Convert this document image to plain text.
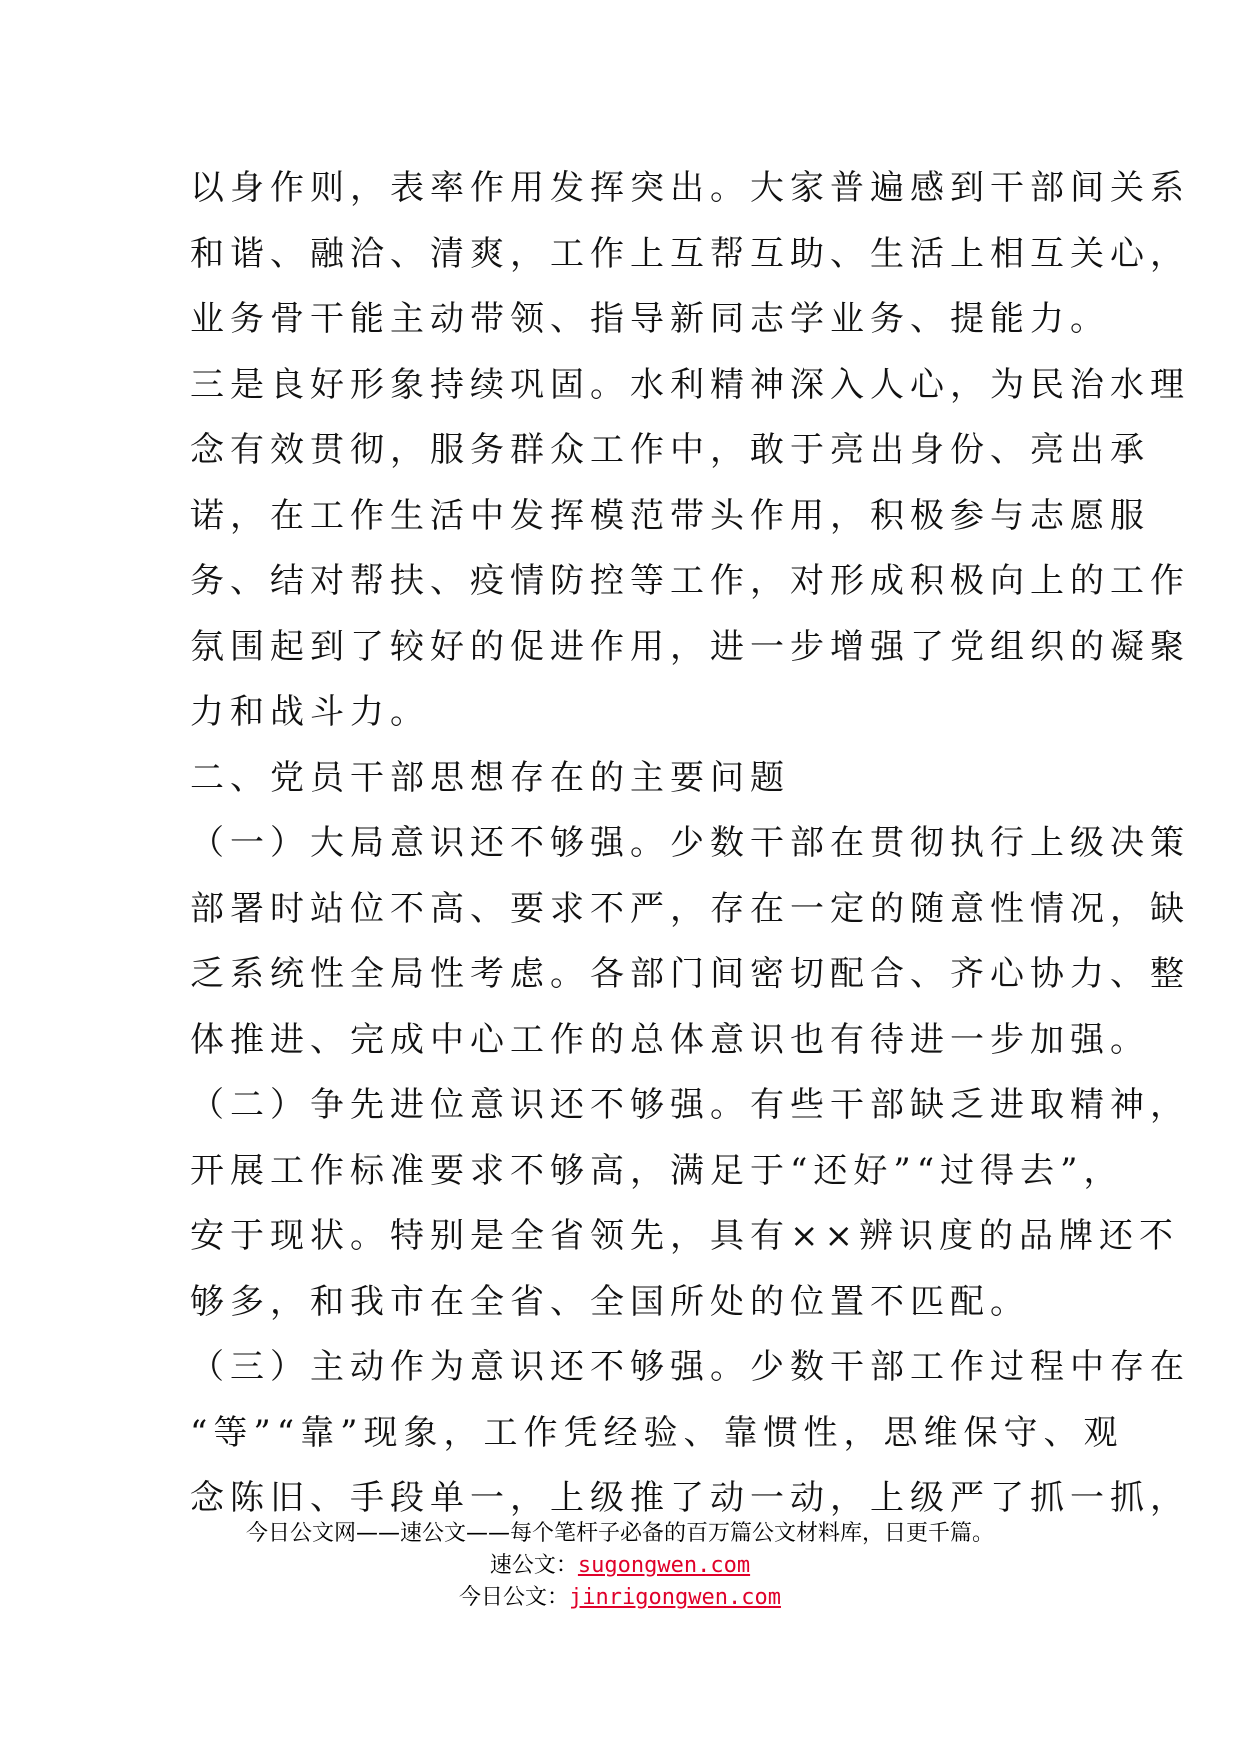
以身作则，表率作用发挥突出。大家普遍感到干部间关系
和谐、融洽、清爽，工作上互帮互助、生活上相互关心，
业务骨干能主动带领、指导新同志学业务、提能力。
三是良好形象持续巩固。水利精神深入人心，为民治水理
念有效贯彻，服务群众工作中，敢于亮出身份、亮出承
诺，在工作生活中发挥模范带头作用，积极参与志愿服
务、结对帮扶、疫情防控等工作，对形成积极向上的工作
氛围起到了较好的促进作用，进一步增强了党组织的凝聚
力和战斗力。
二、党员干部思想存在的主要问题
（一）大局意识还不够强。少数干部在贯彻执行上级决策
部署时站位不高、要求不严，存在一定的随意性情况，缺
乏系统性全局性考虑。各部门间密切配合、齐心协力、整
体推进、完成中心工作的总体意识也有待进一步加强。
（二）争先进位意识还不够强。有些干部缺乏进取精神，
开展工作标准要求不够高，满足于“还好”“过得去”，
安于现状。特别是全省领先，具有××辨识度的品牌还不
够多，和我市在全省、全国所处的位置不匹配。
（三）主动作为意识还不够强。少数干部工作过程中存在
“等”“靠”现象，工作凭经验、靠惯性，思维保守、观
念陈旧、手段单一，上级推了动一动，上级严了抓一抓，
今日公文网——速公文——每个笔杆子必备的百万篇公文材料库，日更千篇。
速公文：sugongwen.com
今日公文：jinrigongwen.com
